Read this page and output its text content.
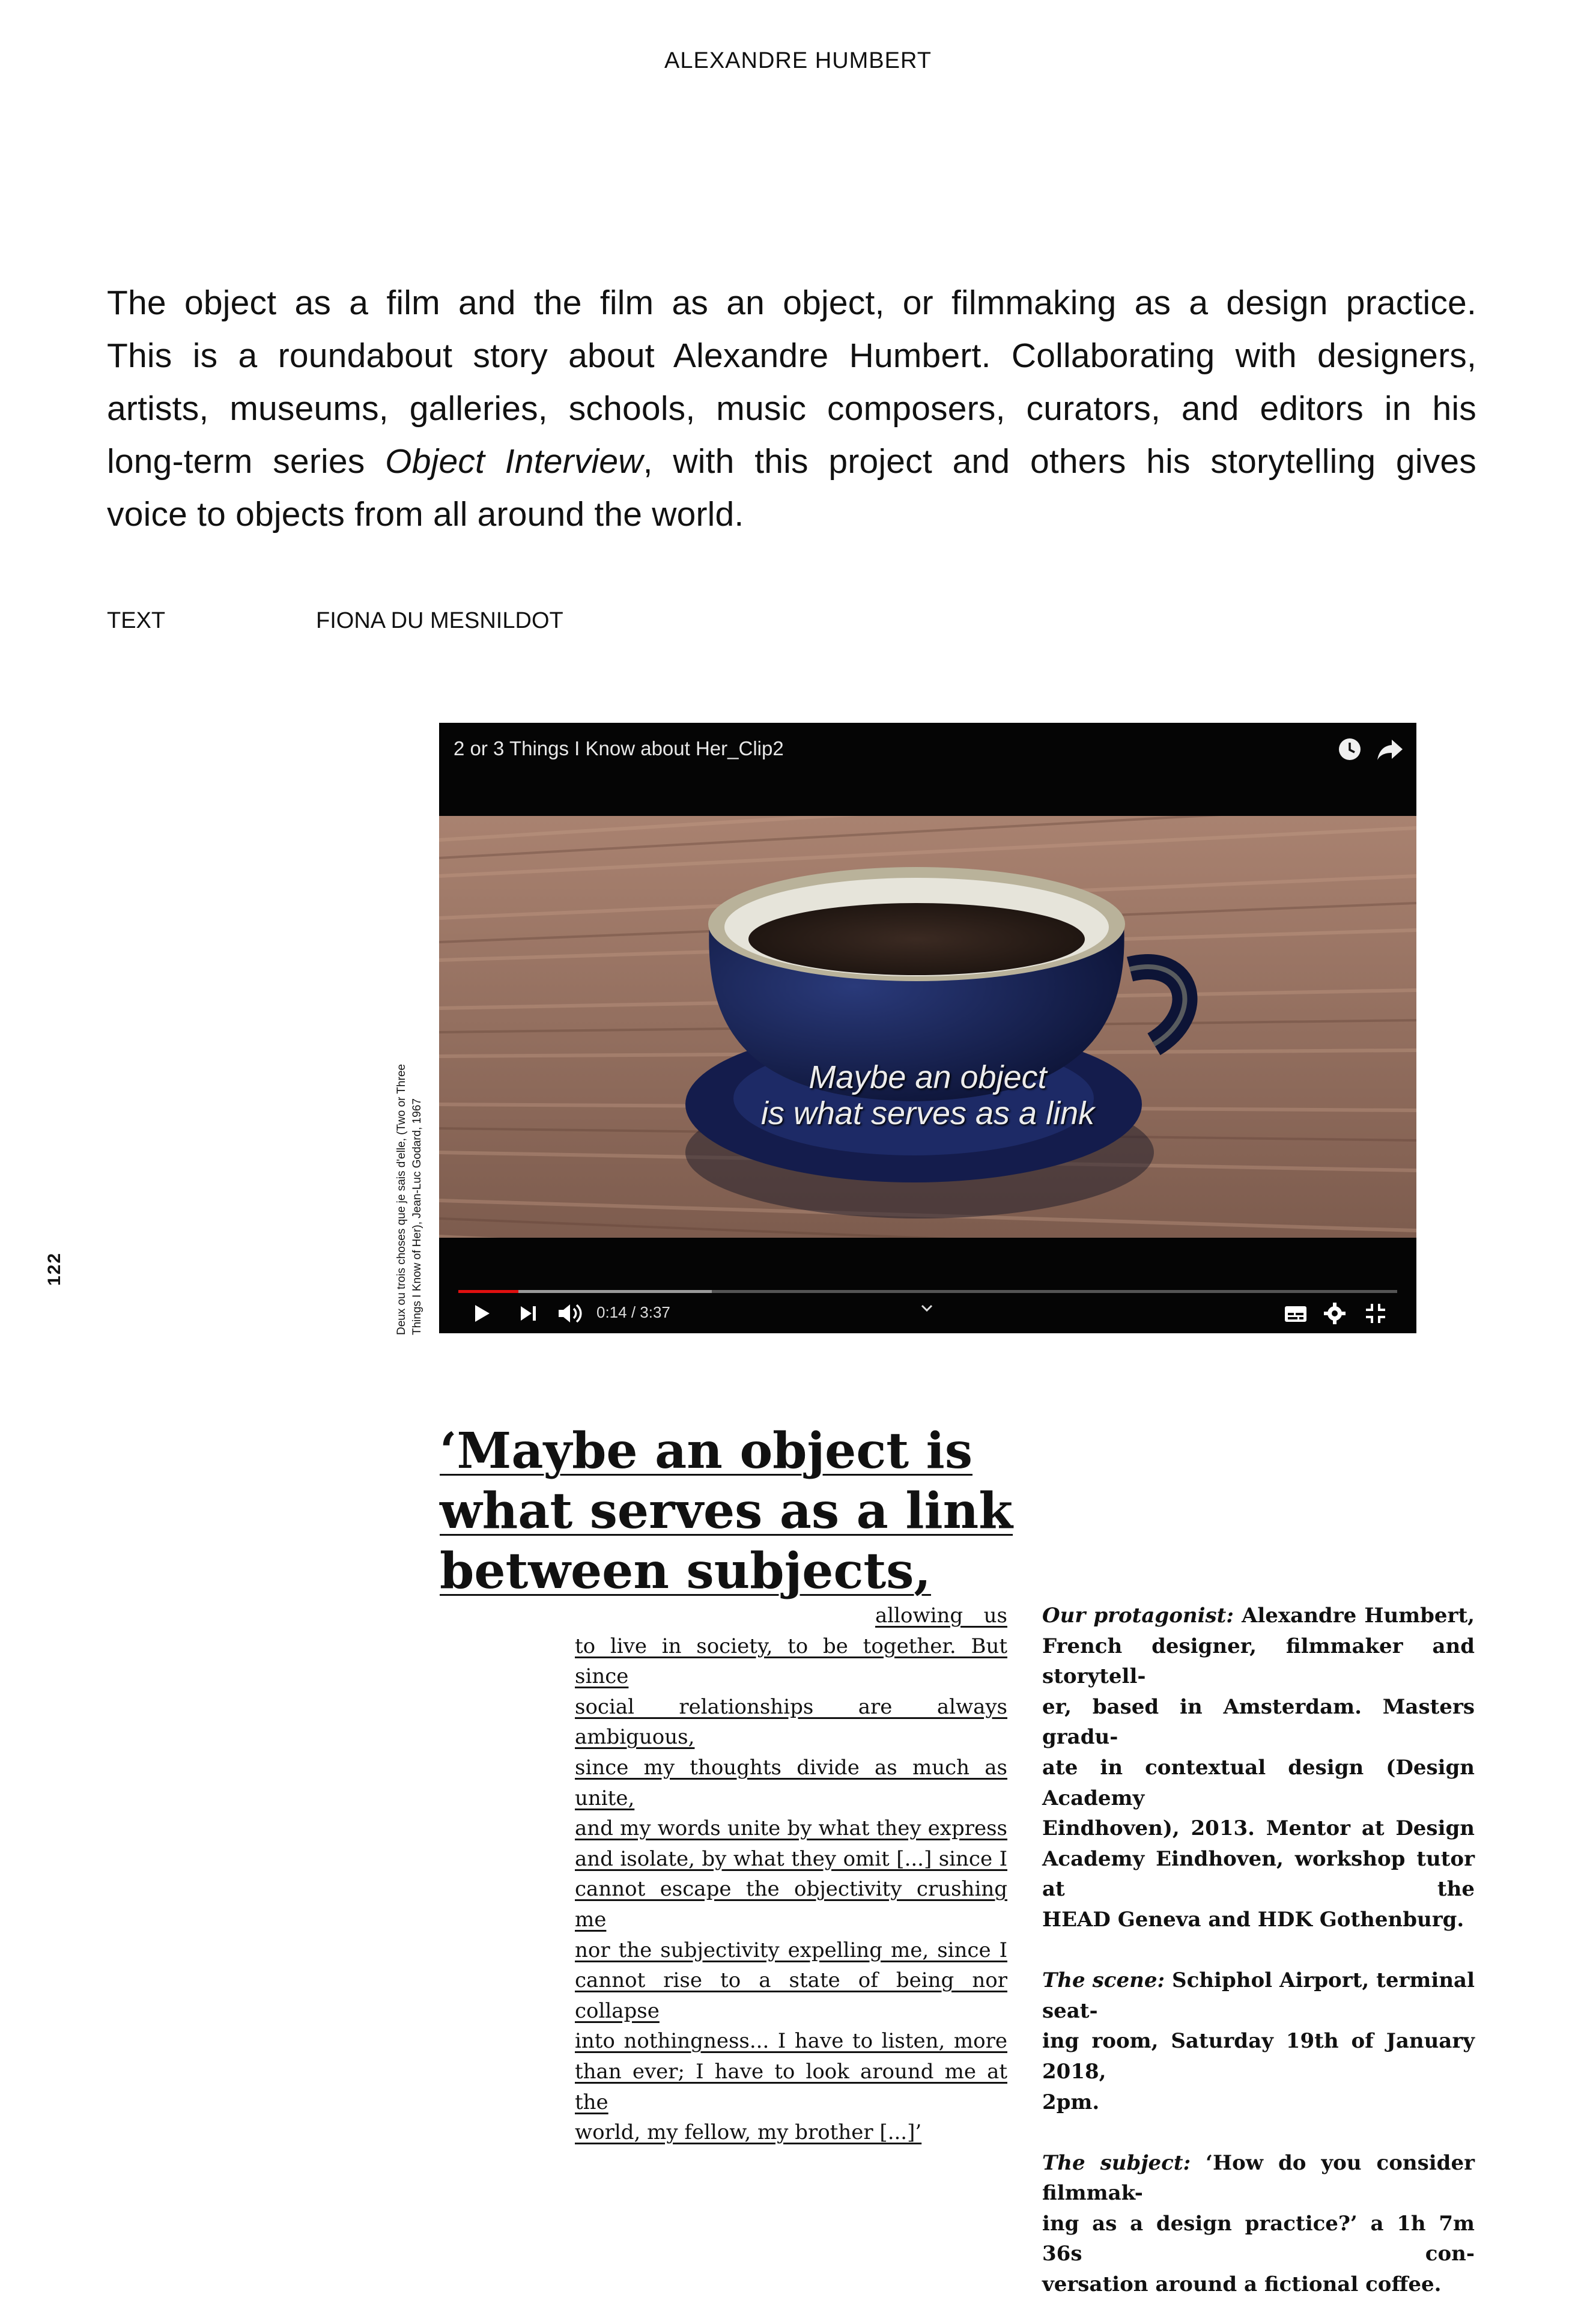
ALEXANDRE HUMBERT
The object as a film and the film as an object, or filmmaking as a design practice.
This is a roundabout story about Alexandre Humbert. Collaborating with designers,
artists, museums, galleries, schools, music composers, curators, and editors in his
long-term series Object Interview, with this project and others his storytelling gives
voice to objects from all around the world.
TEXT	FIONA DU MESNILDOT
122	Deux ou trois choses que je sais d'elle, (Two or Three Things I Know of Her), Jean-Luc Godard, 1967
2 or 3 Things I Know about Her_Clip2
Maybe an object
is what serves as a link
0:14 / 3:37
‘Maybe an object is
what serves as a link
between subjects,
allowing us
to live in society, to be together. But since
social relationships are always ambiguous,
since my thoughts divide as much as unite,
and my words unite by what they express
and isolate, by what they omit [...] since I
cannot escape the objectivity crushing me
nor the subjectivity expelling me, since I
cannot rise to a state of being nor collapse
into nothingness... I have to listen, more
than ever; I have to look around me at the
world, my fellow, my brother [...]’
Our protagonist: Alexandre Humbert,
French designer, filmmaker and storytell-
er, based in Amsterdam. Masters gradu-
ate in contextual design (Design Academy
Eindhoven), 2013. Mentor at Design
Academy Eindhoven, workshop tutor at the
HEAD Geneva and HDK Gothenburg.
The scene: Schiphol Airport, terminal seat-
ing room, Saturday 19th of January 2018,
2pm.
The subject: ‘How do you consider filmmak-
ing as a design practice?’ a 1h 7m 36s con-
versation around a fictional coffee.
